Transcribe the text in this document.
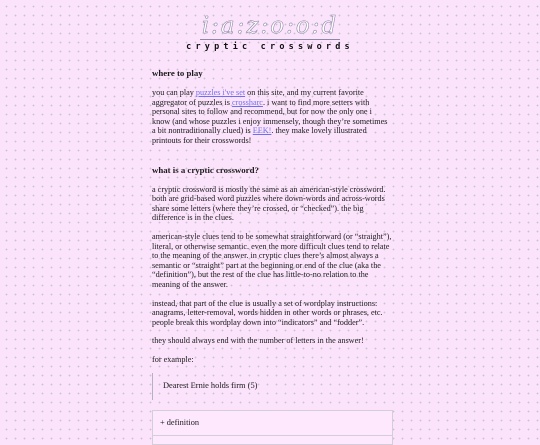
i:a:z:o:o:d
cryptic crosswords
where to play

you can play puzzles i've set on this site, and my current favorite aggregator of puzzles is crossharc. i want to find more setters with personal sites to follow and recommend, but for now the only one i know (and whose puzzles i enjoy immensely, though they’re sometimes a bit nontraditionally clued) is EEK!. they make lovely illustrated printouts for their crosswords!

what is a cryptic crossword?

a cryptic crossword is mostly the same as an american-style crossword. both are grid-based word puzzles where down-words and across-words share some letters (where they’re crossed, or “checked”). the big difference is in the clues.

american-style clues tend to be somewhat straightforward (or “straight”), literal, or otherwise semantic. even the more difficult clues tend to relate to the meaning of the answer. in cryptic clues there’s almost always a semantic or “straight” part at the beginning or end of the clue (aka the “definition”), but the rest of the clue has little-to-no relation to the meaning of the answer.

instead, that part of the clue is usually a set of wordplay instructions: anagrams, letter-removal, words hidden in other words or phrases, etc. people break this wordplay down into “indicators” and “fodder”.

they should always end with the number of letters in the answer!

for example:

Dearest Ernie holds firm (5)
+ definition
